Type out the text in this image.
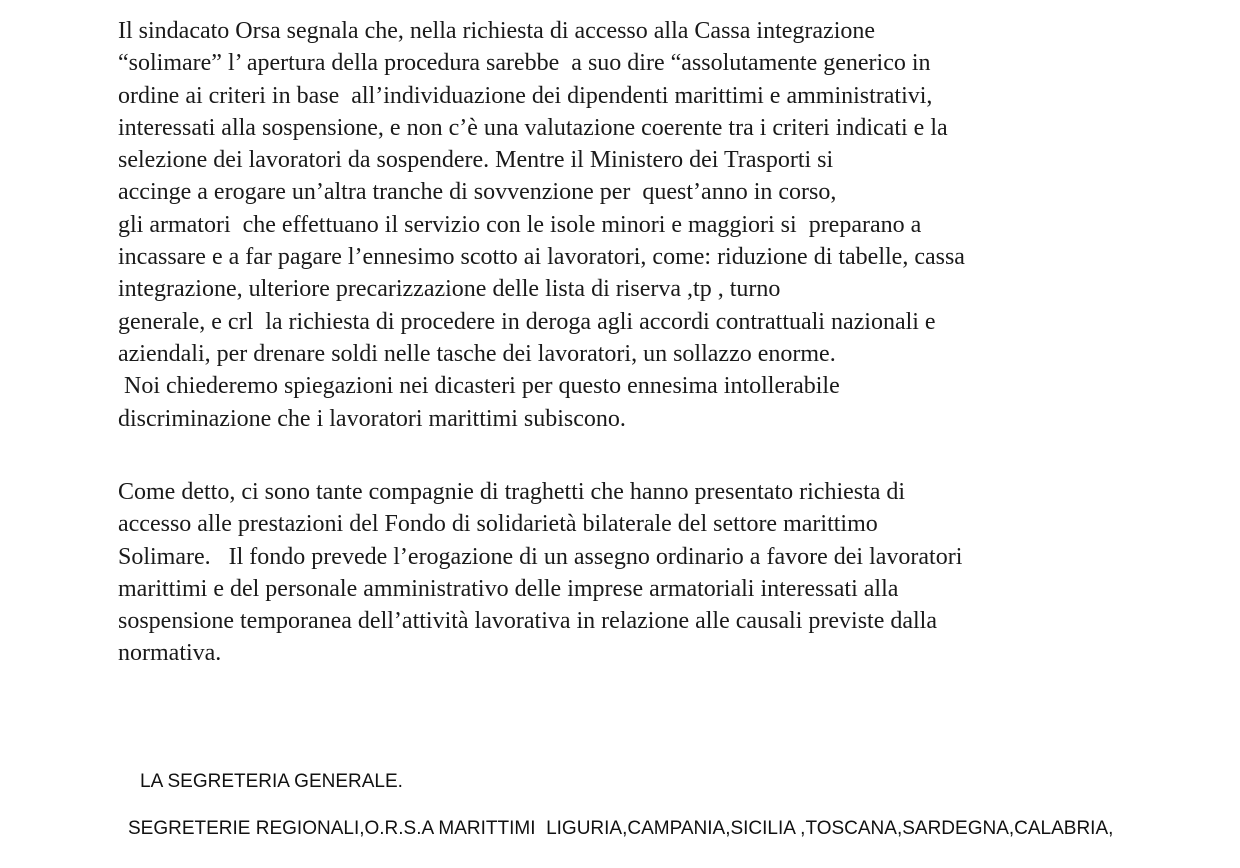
Il sindacato Orsa segnala che, nella richiesta di accesso alla Cassa integrazione
“solimare” l’ apertura della procedura sarebbe  a suo dire “assolutamente generico in
ordine ai criteri in base  all’individuazione dei dipendenti marittimi e amministrativi,
interessati alla sospensione, e non c’è una valutazione coerente tra i criteri indicati e la
selezione dei lavoratori da sospendere. Mentre il Ministero dei Trasporti si
accinge a erogare un’altra tranche di sovvenzione per  quest’anno in corso,
gli armatori  che effettuano il servizio con le isole minori e maggiori si  preparano a
incassare e a far pagare l’ennesimo scotto ai lavoratori, come: riduzione di tabelle, cassa
integrazione, ulteriore precarizzazione delle lista di riserva ,tp , turno
generale, e crl  la richiesta di procedere in deroga agli accordi contrattuali nazionali e
aziendali, per drenare soldi nelle tasche dei lavoratori, un sollazzo enorme.
Noi chiederemo spiegazioni nei dicasteri per questo ennesima intollerabile
discriminazione che i lavoratori marittimi subiscono.
Come detto, ci sono tante compagnie di traghetti che hanno presentato richiesta di
accesso alle prestazioni del Fondo di solidarietà bilaterale del settore marittimo
Solimare.   Il fondo prevede l’erogazione di un assegno ordinario a favore dei lavoratori
marittimi e del personale amministrativo delle imprese armatoriali interessati alla
sospensione temporanea dell’attività lavorativa in relazione alle causali previste dalla
normativa.
LA SEGRETERIA GENERALE.
SEGRETERIE REGIONALI,O.R.S.A MARITTIMI  LIGURIA,CAMPANIA,SICILIA ,TOSCANA,SARDEGNA,CALABRIA,
